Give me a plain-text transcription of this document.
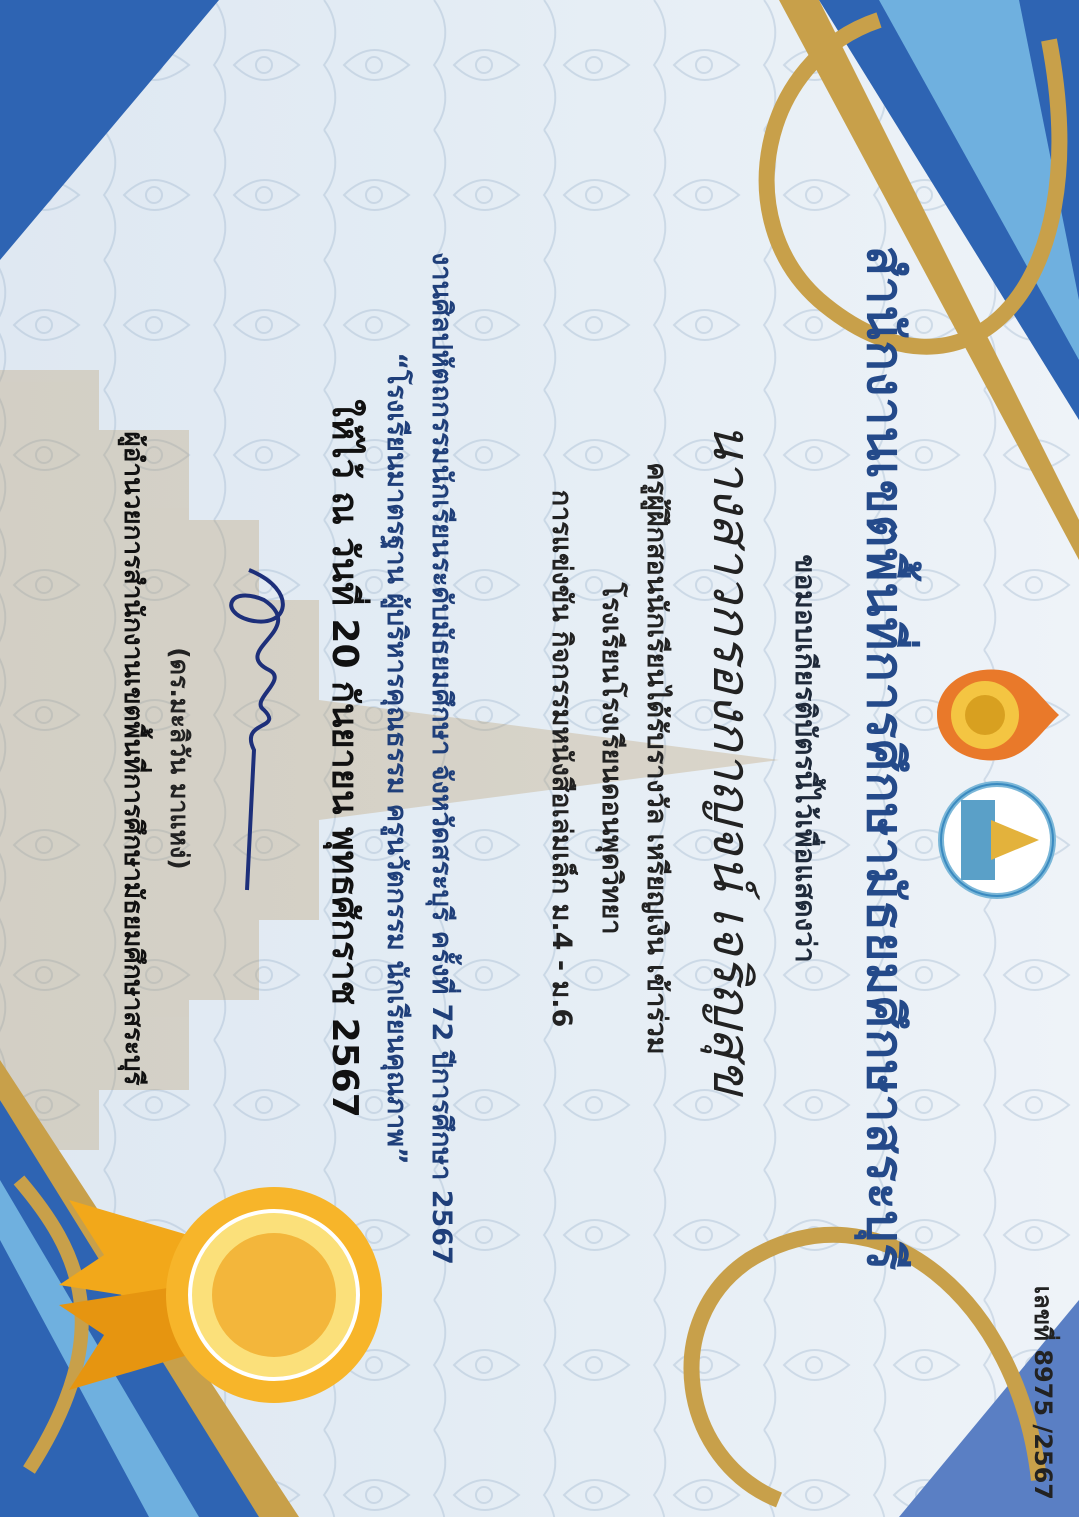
เลขที่ 8975 /2567
สำนักงานเขตพื้นที่การศึกษามัธยมศึกษาสระบุรี
ขอมอบเกียรติบัตรนี้ไว้เพื่อแสดงว่า
นางสาวกรองกาญจน์ เจริญสุข
ครูผู้ฝึกสอนนักเรียนได้รับรางวัล เหรียญเงิน เข้าร่วม
โรงเรียนโรงเรียนดอนพุดวิทยา
การแข่งขัน กิจกรรมหนังสือเล่มเล็ก ม.4 - ม.6
งานศิลปหัตถกรรมนักเรียนระดับมัธยมศึกษา จังหวัดสระบุรี ครั้งที่ 72 ปีการศึกษา 2567
“โรงเรียนมาตรฐาน ผู้บริหารคุณธรรม ครูนวัตกรรม นักเรียนคุณภาพ”
ให้ไว้ ณ วันที่ 20 กันยายน พุทธศักราช 2567
(ดร.มะลิวัน มาแหง่)
ผู้อำนวยการสำนักงานเขตพื้นที่การศึกษามัธยมศึกษาสระบุรี
